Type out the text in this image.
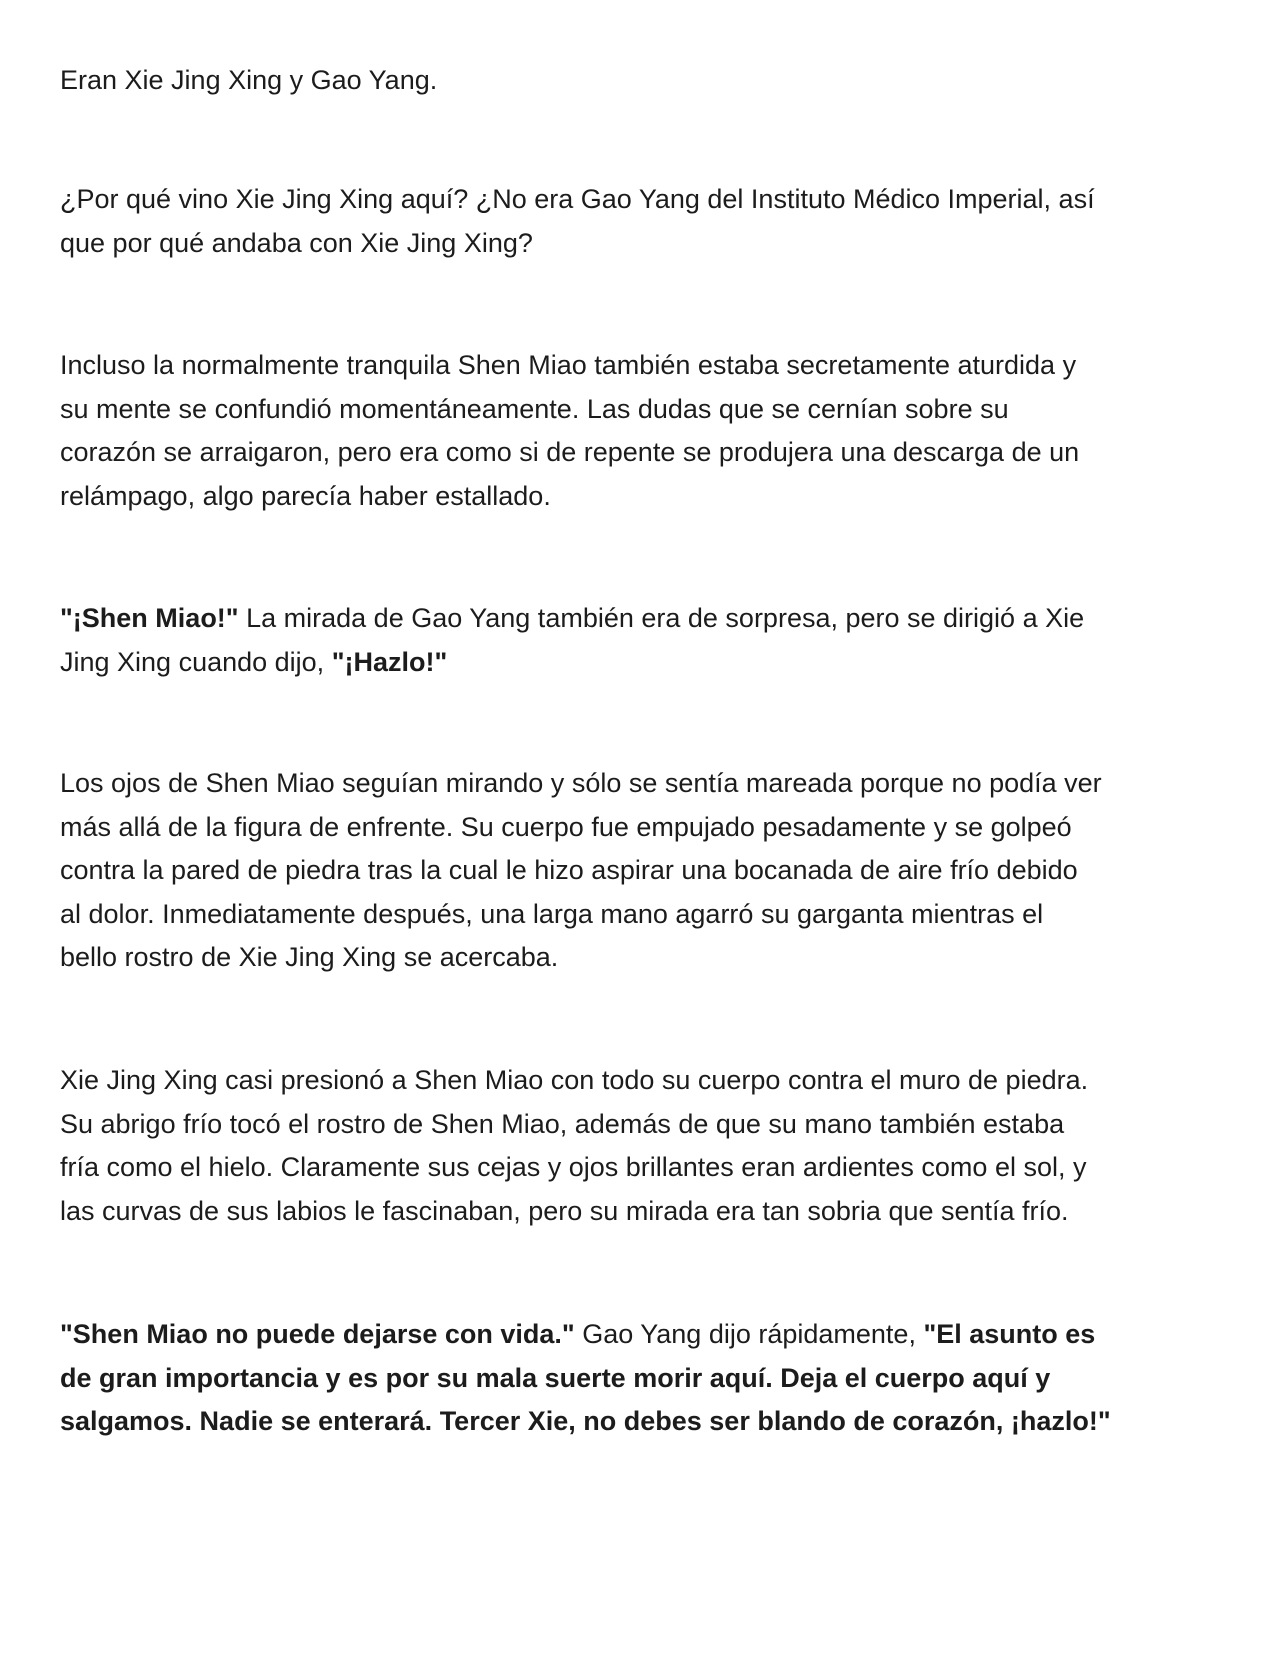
Eran Xie Jing Xing y Gao Yang.

¿Por qué vino Xie Jing Xing aquí? ¿No era Gao Yang del Instituto Médico Imperial, así
que por qué andaba con Xie Jing Xing?

Incluso la normalmente tranquila Shen Miao también estaba secretamente aturdida y
su mente se confundió momentáneamente. Las dudas que se cernían sobre su
corazón se arraigaron, pero era como si de repente se produjera una descarga de un
relámpago, algo parecía haber estallado.

"¡Shen Miao!" La mirada de Gao Yang también era de sorpresa, pero se dirigió a Xie
Jing Xing cuando dijo, "¡Hazlo!"

Los ojos de Shen Miao seguían mirando y sólo se sentía mareada porque no podía ver
más allá de la figura de enfrente. Su cuerpo fue empujado pesadamente y se golpeó
contra la pared de piedra tras la cual le hizo aspirar una bocanada de aire frío debido
al dolor. Inmediatamente después, una larga mano agarró su garganta mientras el
bello rostro de Xie Jing Xing se acercaba.

Xie Jing Xing casi presionó a Shen Miao con todo su cuerpo contra el muro de piedra.
Su abrigo frío tocó el rostro de Shen Miao, además de que su mano también estaba
fría como el hielo. Claramente sus cejas y ojos brillantes eran ardientes como el sol, y
las curvas de sus labios le fascinaban, pero su mirada era tan sobria que sentía frío.

"Shen Miao no puede dejarse con vida." Gao Yang dijo rápidamente, "El asunto es
de gran importancia y es por su mala suerte morir aquí. Deja el cuerpo aquí y
salgamos. Nadie se enterará. Tercer Xie, no debes ser blando de corazón, ¡hazlo!"
